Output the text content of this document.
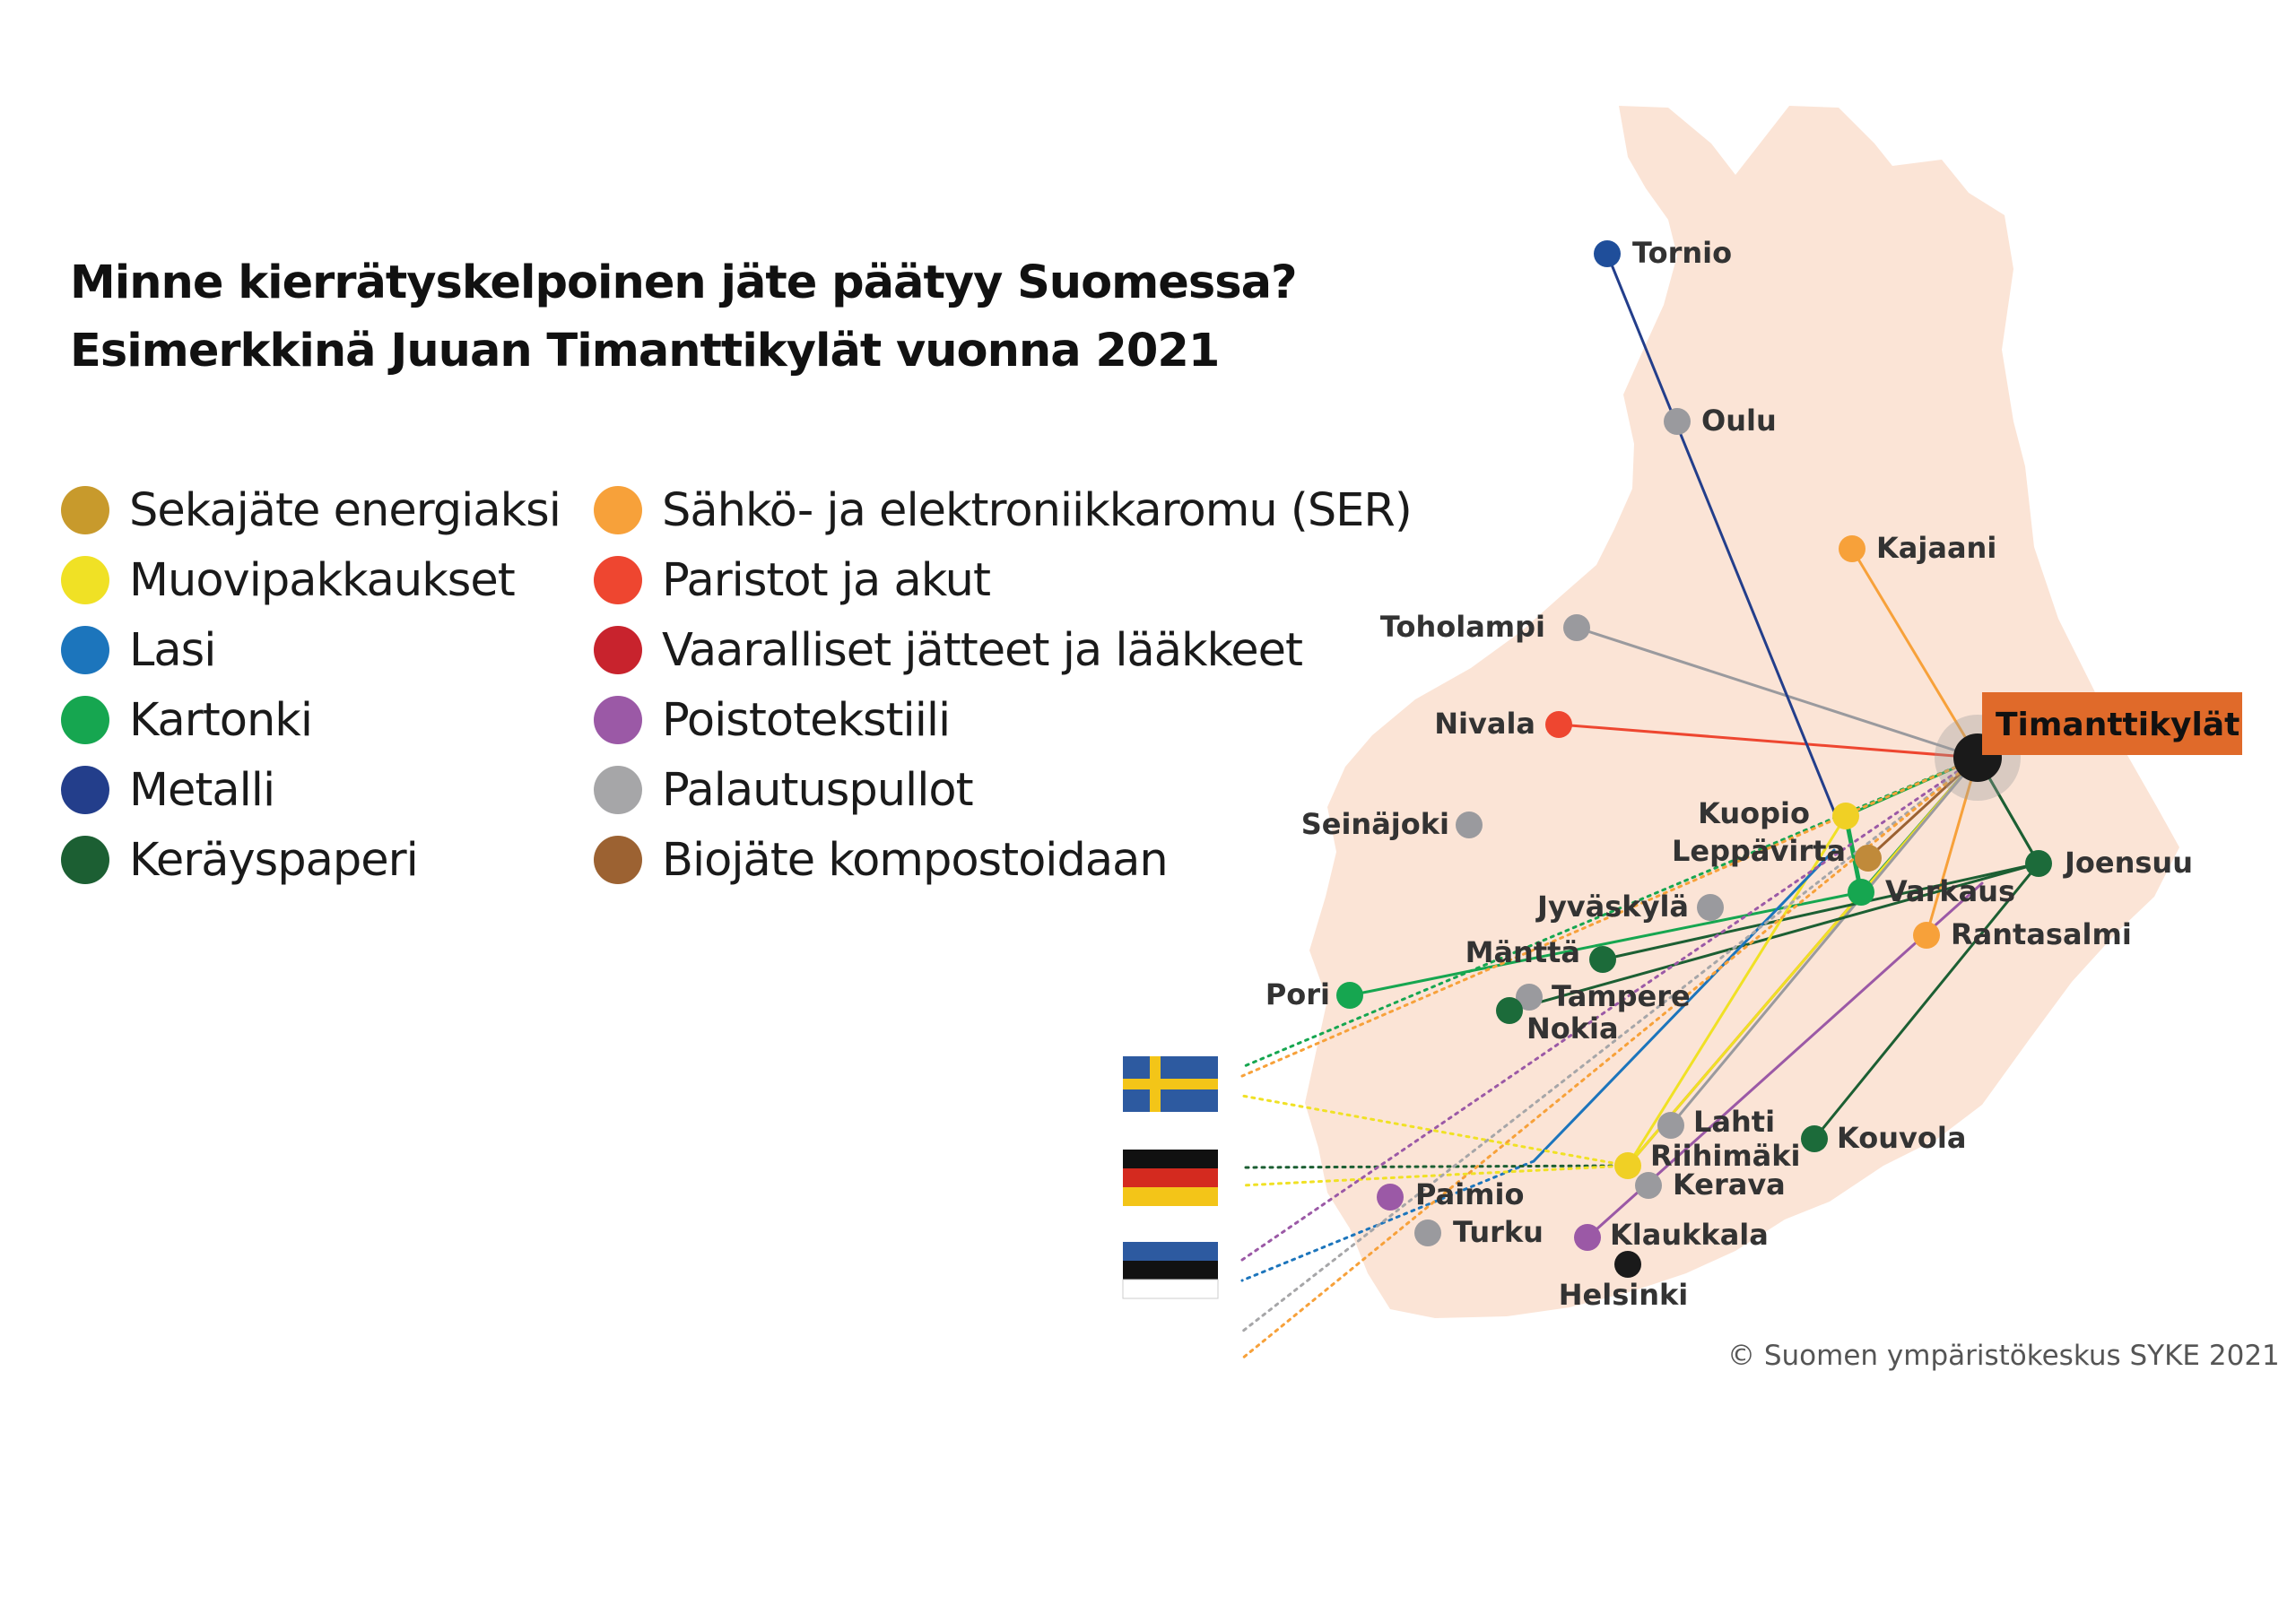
Tornio
Oulu
Kajaani
Toholampi
Nivala
Seinäjoki	Kuopio
Leppävirta
Varkaus
Joensuu
Jyväskylä
Rantasalmi
Mänttä
Pori	Tampere
Nokia
Lahti
Riihimäki
Kouvola
Kerava
Paimio
Turku Klaukkala
Helsinki
Timanttikylät
Minne kierrätyskelpoinen jäte päätyy Suomessa?
Esimerkkinä Juuan Timanttikylät vuonna 2021
Sekajäte energiaksi
Muovipakkaukset
Lasi
Kartonki
Metalli
Keräyspaperi
Sähkö- ja elektroniikkaromu (SER)
Paristot ja akut
Vaaralliset jätteet ja lääkkeet
Poistotekstiili
Palautuspullot
Biojäte kompostoidaan
© Suomen ympäristökeskus SYKE 2021
